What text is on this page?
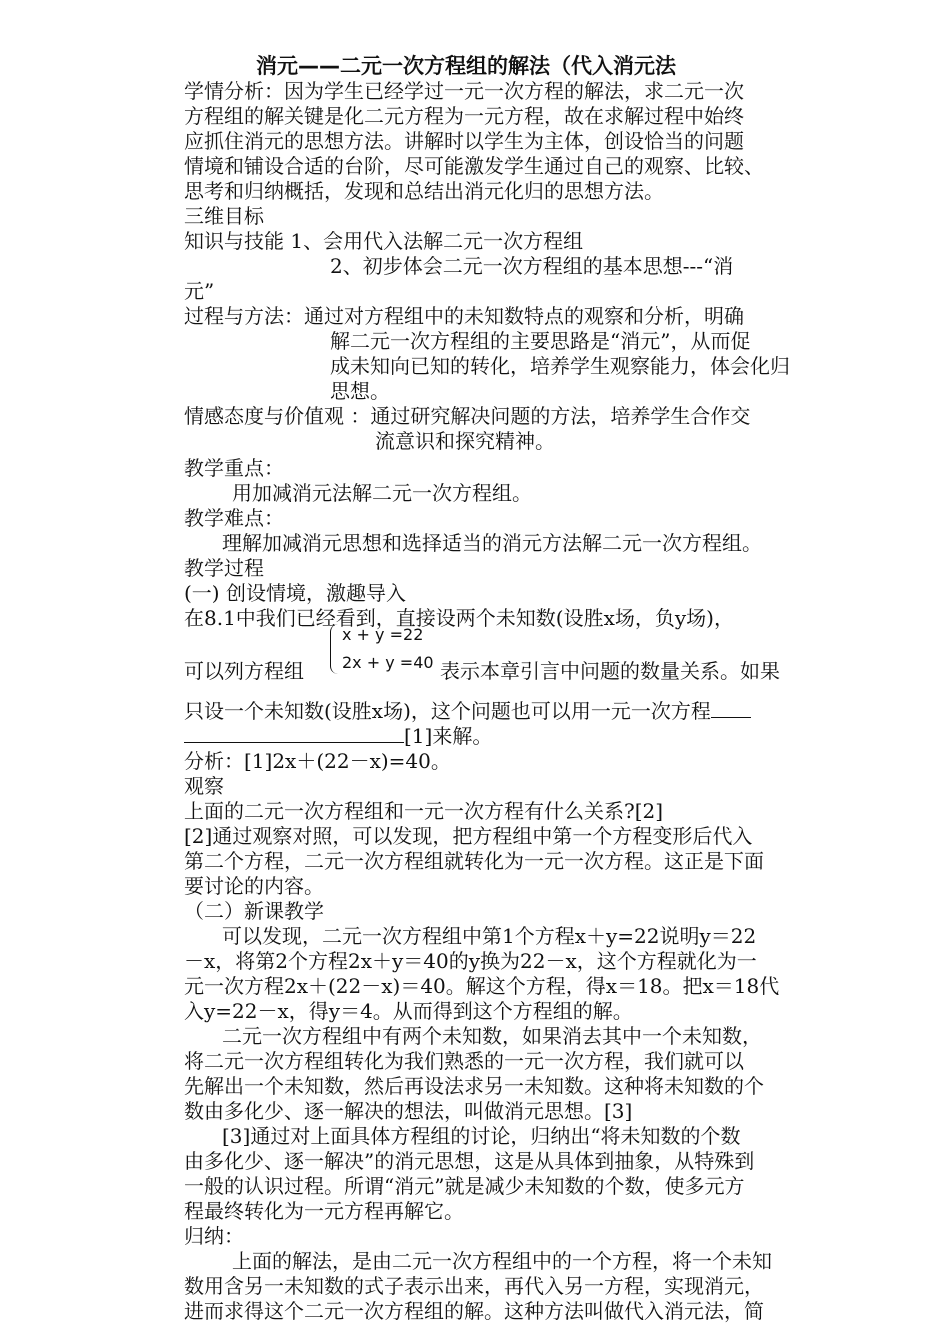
消元——二元一次方程组的解法（代入消元法
学情分析：因为学生已经学过一元一次方程的解法，求二元一次
方程组的解关键是化二元方程为一元方程，故在求解过程中始终
应抓住消元的思想方法。讲解时以学生为主体，创设恰当的问题
情境和铺设合适的台阶，尽可能激发学生通过自己的观察、比较、
思考和归纳概括，发现和总结出消元化归的思想方法。
三维目标
知识与技能 1、会用代入法解二元一次方程组
2、初步体会二元一次方程组的基本思想---“消
元”
过程与方法：通过对方程组中的未知数特点的观察和分析，明确
解二元一次方程组的主要思路是“消元”，从而促
成未知向已知的转化，培养学生观察能力，体会化归
思想。
情感态度与价值观 ：通过研究解决问题的方法，培养学生合作交
流意识和探究精神。
教学重点：
用加减消元法解二元一次方程组。
教学难点：
理解加减消元思想和选择适当的消元方法解二元一次方程组。
教学过程
(一) 创设情境，激趣导入
在8.1中我们已经看到，直接设两个未知数(设胜x场，负y场)，
x + y =22
2x + y =40
可以列方程组	表示本章引言中问题的数量关系。如果
只设一个未知数(设胜x场)，这个问题也可以用一元一次方程
[1]来解。
分析：[1]2x＋(22－x)=40。
观察
上面的二元一次方程组和一元一次方程有什么关系?[2]
[2]通过观察对照，可以发现，把方程组中第一个方程变形后代入
第二个方程，二元一次方程组就转化为一元一次方程。这正是下面
要讨论的内容。
（二）新课教学
可以发现，二元一次方程组中第1个方程x＋y=22说明y＝22
－x，将第2个方程2x＋y＝40的y换为22－x，这个方程就化为一
元一次方程2x＋(22－x)＝40。解这个方程，得x＝18。把x＝18代
入y=22－x，得y＝4。从而得到这个方程组的解。
二元一次方程组中有两个未知数，如果消去其中一个未知数，
将二元一次方程组转化为我们熟悉的一元一次方程，我们就可以
先解出一个未知数，然后再设法求另一未知数。这种将未知数的个
数由多化少、逐一解决的想法，叫做消元思想。[3]
[3]通过对上面具体方程组的讨论，归纳出“将未知数的个数
由多化少、逐一解决”的消元思想，这是从具体到抽象，从特殊到
一般的认识过程。所谓“消元”就是减少未知数的个数，使多元方
程最终转化为一元方程再解它。
归纳：
上面的解法，是由二元一次方程组中的一个方程，将一个未知
数用含另一未知数的式子表示出来，再代入另一方程，实现消元，
进而求得这个二元一次方程组的解。这种方法叫做代入消元法，简
